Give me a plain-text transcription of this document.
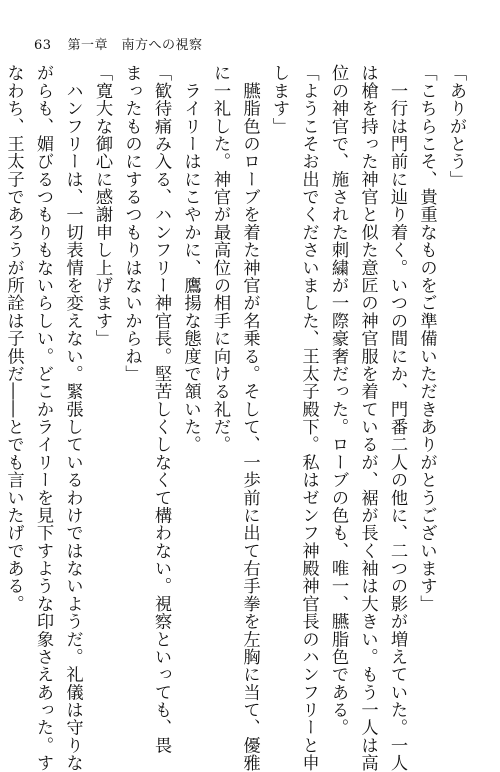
63 第一章　南方への視察
「ありがとう」
「こちらこそ、貴重なものをご準備いただきありがとうございます」
　一行は門前に辿り着く。いつの間にか、門番二人の他に、二つの影が増えていた。一人
は槍を持った神官と似た意匠の神官服を着ているが、裾が長く袖は大きい。もう一人は高
位の神官で、施された刺繍が一際豪奢だった。ローブの色も、唯一、臙脂色である。
「ようこそお出でくださいました、王太子殿下。私はゼンフ神殿神官長のハンフリーと申
します」
　臙脂色のローブを着た神官が名乗る。そして、一歩前に出て右手拳を左胸に当て、優雅
に一礼した。神官が最高位の相手に向ける礼だ。
　ライリーはにこやかに、鷹揚な態度で頷いた。
「歓待痛み入る、ハンフリー神官長。堅苦しくしなくて構わない。視察といっても、畏
まったものにするつもりはないからね」
「寛大な御心に感謝申し上げます」
　ハンフリーは、一切表情を変えない。緊張しているわけではないようだ。礼儀は守りな
がらも、媚びるつもりもないらしい。どこかライリーを見下すような印象さえあった。す
なわち、王太子であろうが所詮は子供だ――とでも言いたげである。
